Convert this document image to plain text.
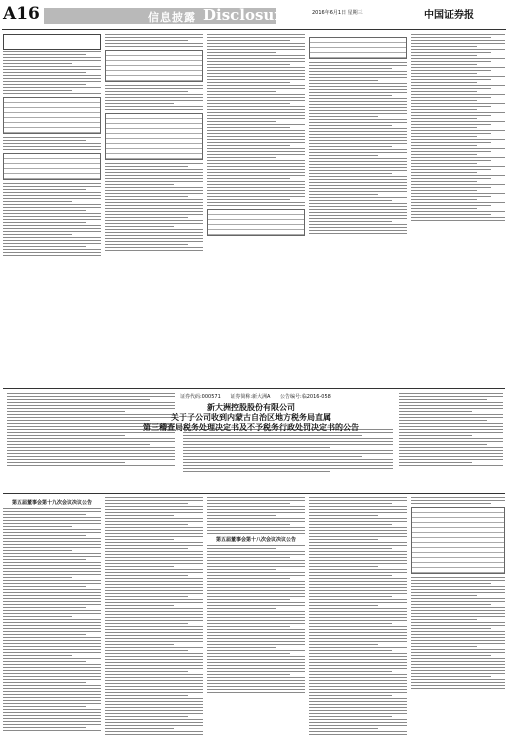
A16	信息披露 Disclosure	2016年6月1日 星期三	中国证券报
证券代码:000571 证券简称:新大洲A 公告编号:临2016-058
新大洲控股股份有限公司
关于子公司收到内蒙古自治区地方税务局直属
第三稽查局税务处理决定书及不予税务行政处罚决定书的公告
第五届董事会第十九次会议决议公告
第五届董事会第十八次会议决议公告
